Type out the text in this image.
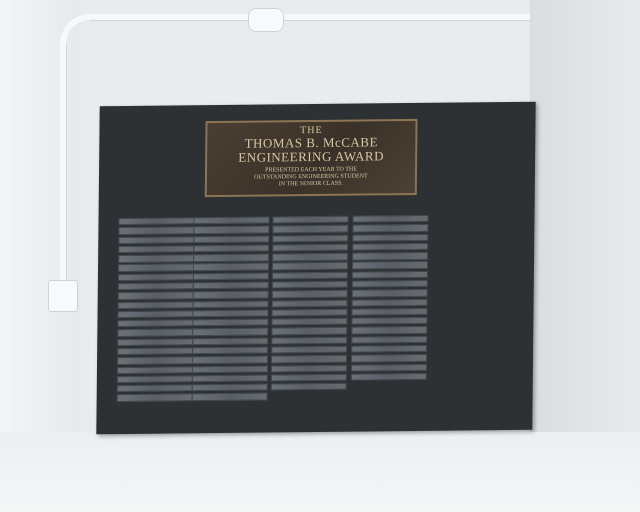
THE
THOMAS B. McCABE
ENGINEERING AWARD
PRESENTED EACH YEAR TO THE
OUTSTANDING ENGINEERING STUDENT
IN THE SENIOR CLASS.
